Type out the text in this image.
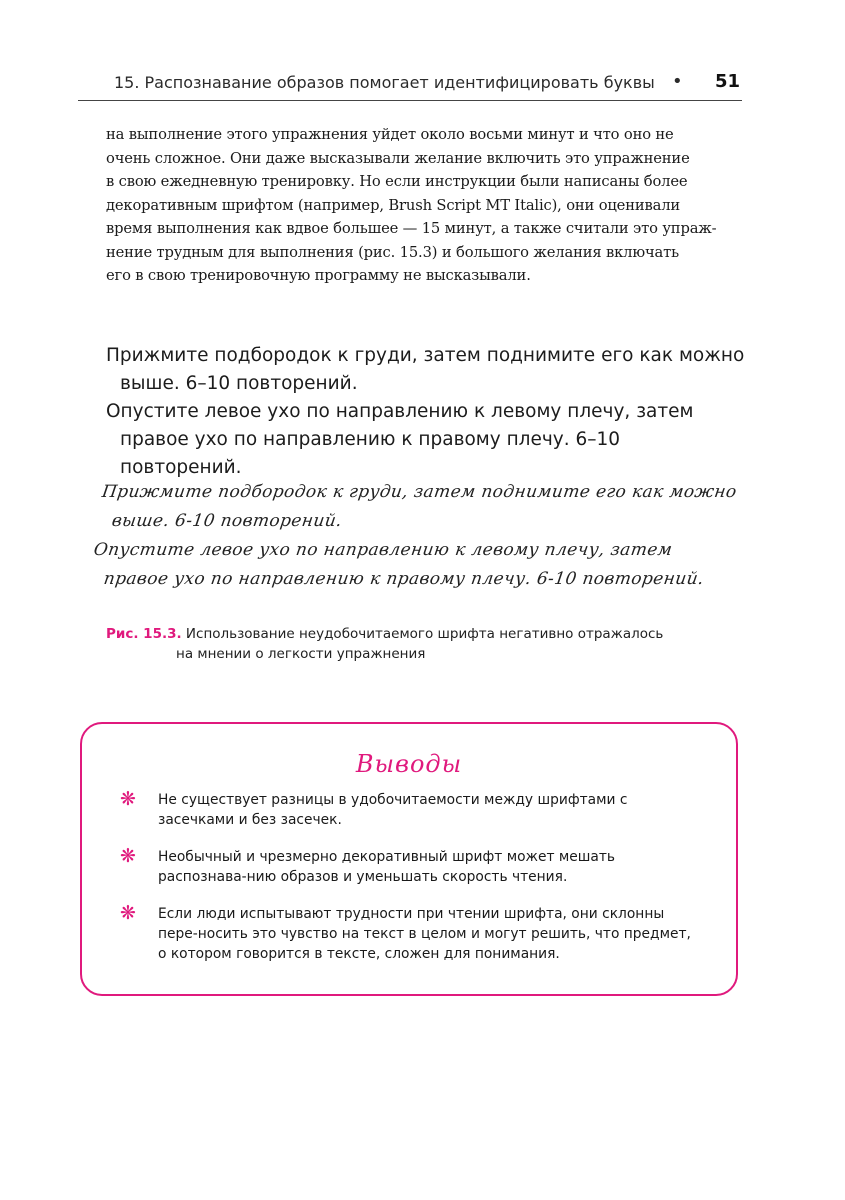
15. Распознавание образов помогает идентифицировать буквы • 51

на выполнение этого упражнения уйдет около восьми минут и что оно не
очень сложное. Они даже высказывали желание включить это упражнение
в свою ежедневную тренировку. Но если инструкции были написаны более
декоративным шрифтом (например, Brush Script MT Italic), они оценивали
время выполнения как вдвое большее — 15 минут, а также считали это упраж-
нение трудным для выполнения (рис. 15.3) и большого желания включать
его в свою тренировочную программу не высказывали.

Прижмите подбородок к груди, затем поднимите его как можно выше. 6–10 повторений.

Опустите левое ухо по направлению к левому плечу, затем правое ухо по направлению к правому плечу. 6–10 повторений.

Прижмите подбородок к груди, затем поднимите его как можно выше. 6-10 повторений.

Опустите левое ухо по направлению к левому плечу, затем правое ухо по направлению к правому плечу. 6-10 повторений.

Рис. 15.3. Использование неудобочитаемого шрифта негативно отражалось
на мнении о легкости упражнения
Выводы
❋ Не существует разницы в удобочитаемости между шрифтами с засечками и без засечек.
❋ Необычный и чрезмерно декоративный шрифт может мешать распознава-нию образов и уменьшать скорость чтения.
❋ Если люди испытывают трудности при чтении шрифта, они склонны пере-носить это чувство на текст в целом и могут решить, что предмет, о котором говорится в тексте, сложен для понимания.
